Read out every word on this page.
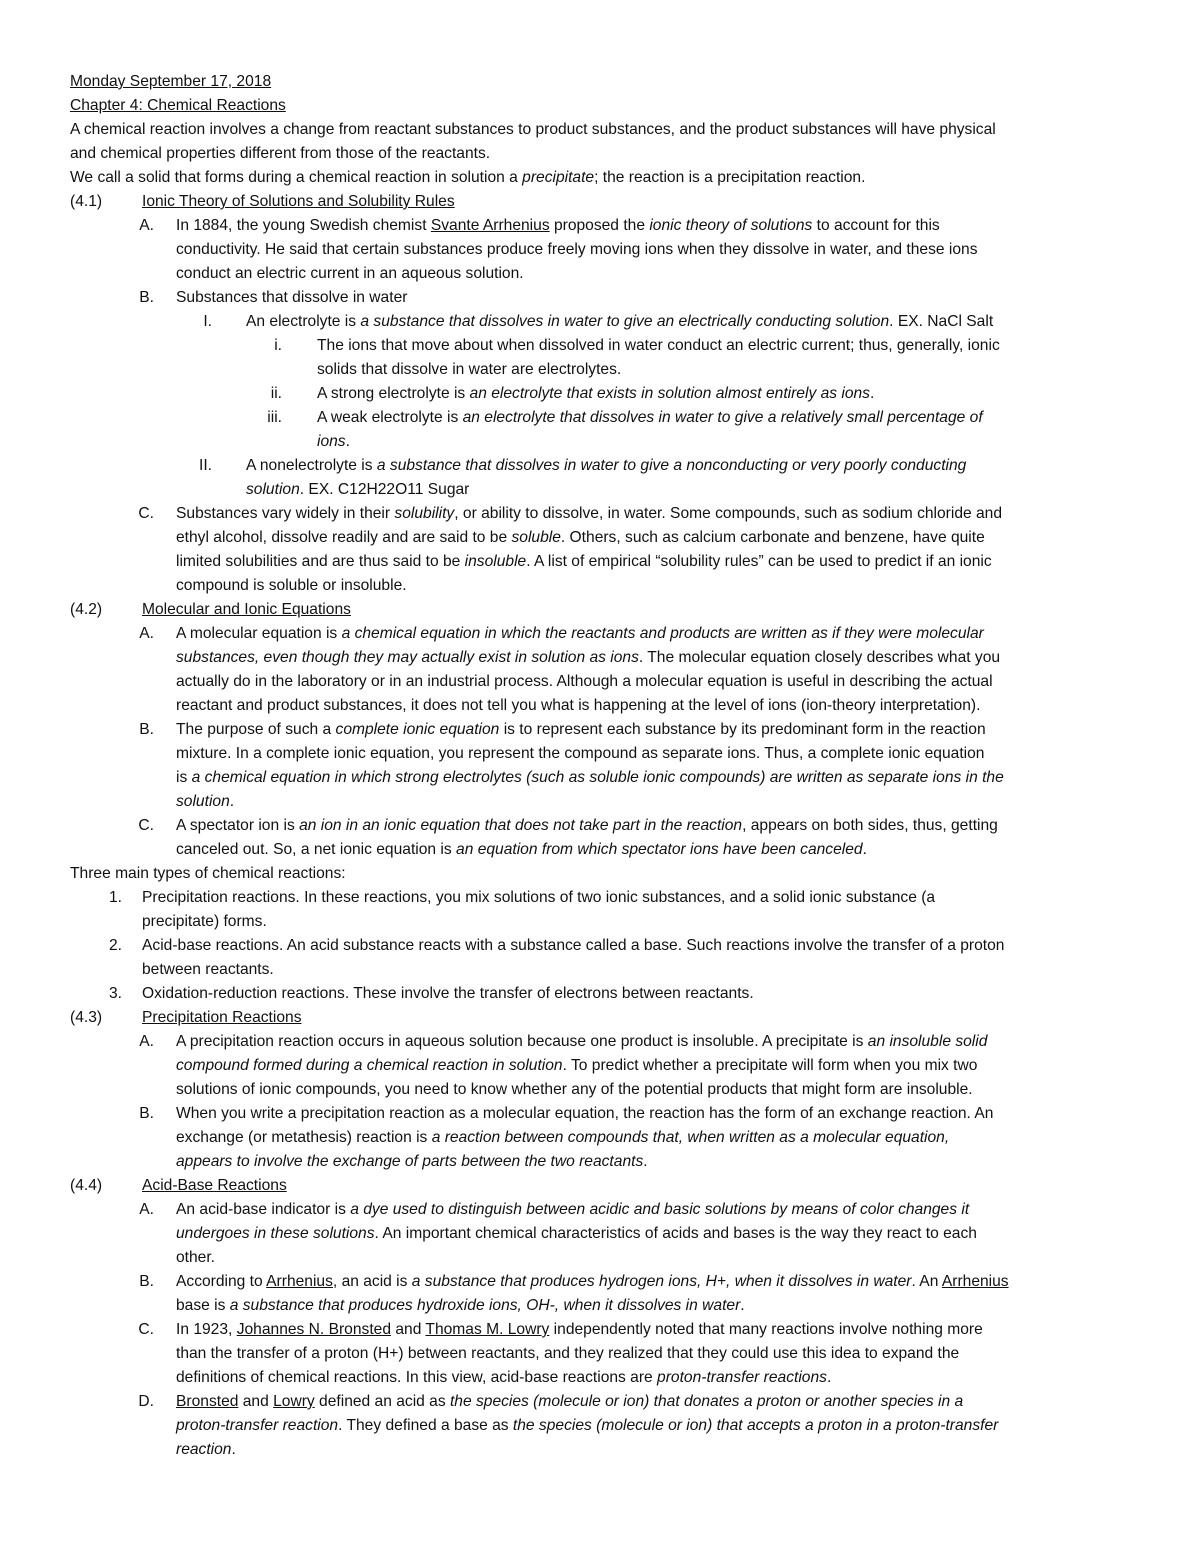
Monday September 17, 2018
Chapter 4: Chemical Reactions
A chemical reaction involves a change from reactant substances to product substances, and the product substances will have physical
and chemical properties different from those of the reactants.
We call a solid that forms during a chemical reaction in solution a precipitate; the reaction is a precipitation reaction.
(4.1)	Ionic Theory of Solutions and Solubility Rules
A. In 1884, the young Swedish chemist Svante Arrhenius proposed the ionic theory of solutions to account for this
conductivity. He said that certain substances produce freely moving ions when they dissolve in water, and these ions
conduct an electric current in an aqueous solution.
B. Substances that dissolve in water
I. An electrolyte is a substance that dissolves in water to give an electrically conducting solution. EX. NaCl Salt
i. The ions that move about when dissolved in water conduct an electric current; thus, generally, ionic
solids that dissolve in water are electrolytes.
ii. A strong electrolyte is an electrolyte that exists in solution almost entirely as ions.
iii. A weak electrolyte is an electrolyte that dissolves in water to give a relatively small percentage of
ions.
II. A nonelectrolyte is a substance that dissolves in water to give a nonconducting or very poorly conducting
solution. EX. C12H22O11 Sugar
C. Substances vary widely in their solubility, or ability to dissolve, in water. Some compounds, such as sodium chloride and
ethyl alcohol, dissolve readily and are said to be soluble. Others, such as calcium carbonate and benzene, have quite
limited solubilities and are thus said to be insoluble. A list of empirical “solubility rules” can be used to predict if an ionic
compound is soluble or insoluble.
(4.2)	Molecular and Ionic Equations
A. A molecular equation is a chemical equation in which the reactants and products are written as if they were molecular
substances, even though they may actually exist in solution as ions. The molecular equation closely describes what you
actually do in the laboratory or in an industrial process. Although a molecular equation is useful in describing the actual
reactant and product substances, it does not tell you what is happening at the level of ions (ion-theory interpretation).
B. The purpose of such a complete ionic equation is to represent each substance by its predominant form in the reaction
mixture. In a complete ionic equation, you represent the compound as separate ions. Thus, a complete ionic equation
is a chemical equation in which strong electrolytes (such as soluble ionic compounds) are written as separate ions in the
solution.
C. A spectator ion is an ion in an ionic equation that does not take part in the reaction, appears on both sides, thus, getting
canceled out. So, a net ionic equation is an equation from which spectator ions have been canceled.
Three main types of chemical reactions:
1. Precipitation reactions. In these reactions, you mix solutions of two ionic substances, and a solid ionic substance (a
precipitate) forms.
2. Acid-base reactions. An acid substance reacts with a substance called a base. Such reactions involve the transfer of a proton
between reactants.
3. Oxidation-reduction reactions. These involve the transfer of electrons between reactants.
(4.3)	Precipitation Reactions
A. A precipitation reaction occurs in aqueous solution because one product is insoluble. A precipitate is an insoluble solid
compound formed during a chemical reaction in solution. To predict whether a precipitate will form when you mix two
solutions of ionic compounds, you need to know whether any of the potential products that might form are insoluble.
B. When you write a precipitation reaction as a molecular equation, the reaction has the form of an exchange reaction. An
exchange (or metathesis) reaction is a reaction between compounds that, when written as a molecular equation,
appears to involve the exchange of parts between the two reactants.
(4.4)	Acid-Base Reactions
A. An acid-base indicator is a dye used to distinguish between acidic and basic solutions by means of color changes it
undergoes in these solutions. An important chemical characteristics of acids and bases is the way they react to each
other.
B. According to Arrhenius, an acid is a substance that produces hydrogen ions, H+, when it dissolves in water. An Arrhenius
base is a substance that produces hydroxide ions, OH-, when it dissolves in water.
C. In 1923, Johannes N. Bronsted and Thomas M. Lowry independently noted that many reactions involve nothing more
than the transfer of a proton (H+) between reactants, and they realized that they could use this idea to expand the
definitions of chemical reactions. In this view, acid-base reactions are proton-transfer reactions.
D. Bronsted and Lowry defined an acid as the species (molecule or ion) that donates a proton or another species in a
proton-transfer reaction. They defined a base as the species (molecule or ion) that accepts a proton in a proton-transfer
reaction.
